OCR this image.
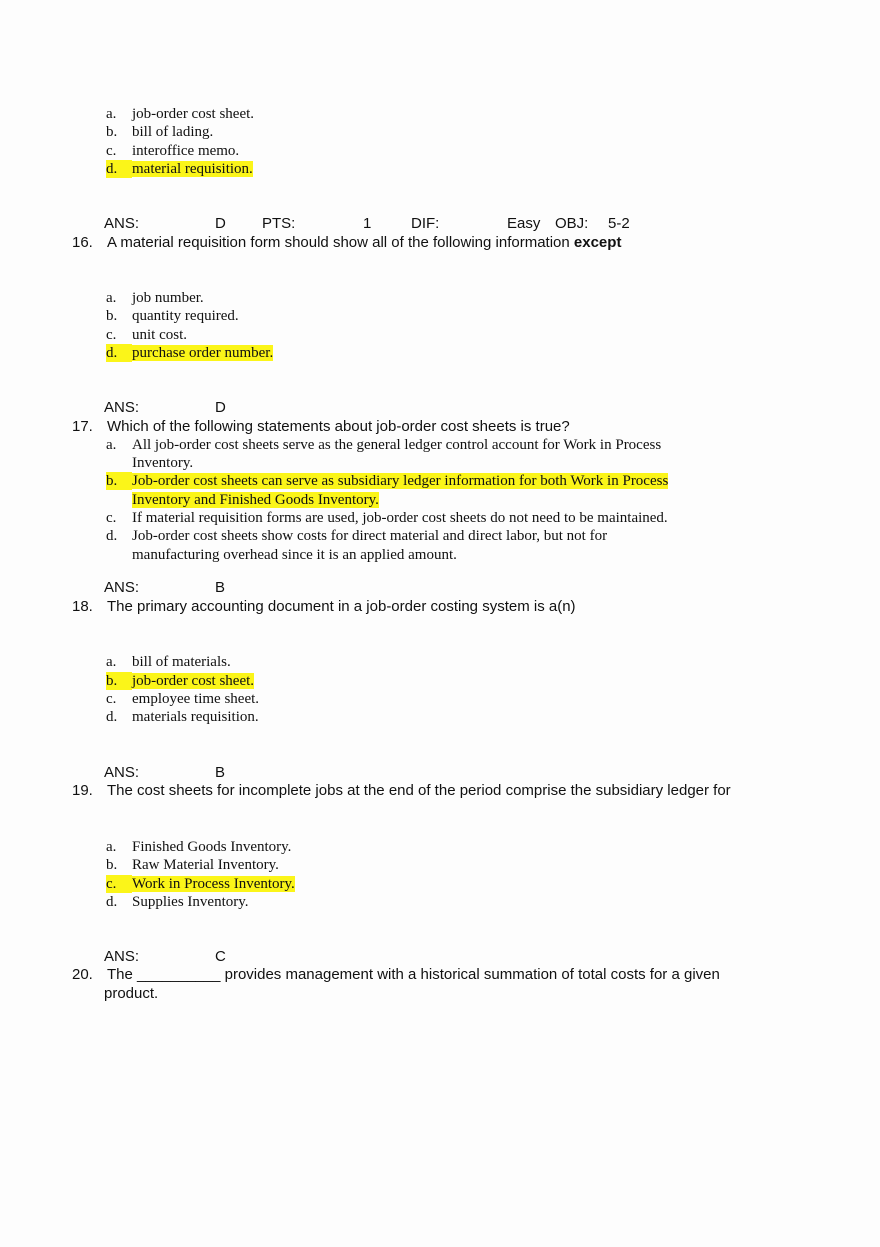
a. job-order cost sheet.
b. bill of lading.
c. interoffice memo.
d. material requisition.
ANS:	D PTS:	1	DIF:	Easy OBJ: 5-2
16. A material requisition form should show all of the following information except
a. job number.
b. quantity required.
c. unit cost.
d. purchase order number.
ANS:	D
17. Which of the following statements about job-order cost sheets is true?
a. All job-order cost sheets serve as the general ledger control account for Work in Process
Inventory.
b. Job-order cost sheets can serve as subsidiary ledger information for both Work in Process
Inventory and Finished Goods Inventory.
c. If material requisition forms are used, job-order cost sheets do not need to be maintained.
d. Job-order cost sheets show costs for direct material and direct labor, but not for
manufacturing overhead since it is an applied amount.
ANS:	B
18. The primary accounting document in a job-order costing system is a(n)
a. bill of materials.
b. job-order cost sheet.
c. employee time sheet.
d. materials requisition.
ANS:	B
19. The cost sheets for incomplete jobs at the end of the period comprise the subsidiary ledger for
a. Finished Goods Inventory.
b. Raw Material Inventory.
c. Work in Process Inventory.
d. Supplies Inventory.
ANS:	C
20. The __________ provides management with a historical summation of total costs for a given
product.
